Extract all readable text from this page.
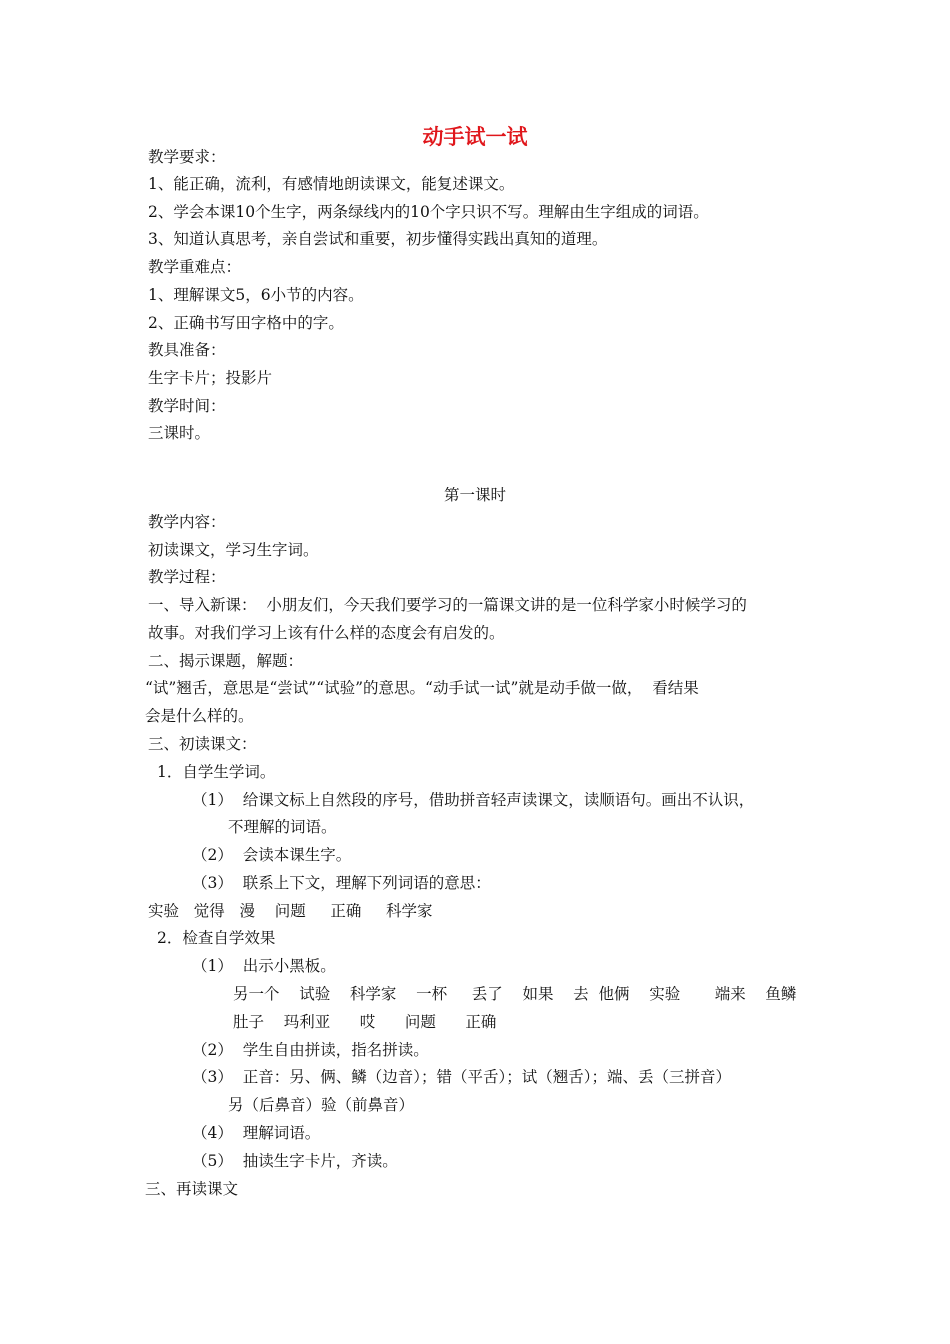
动手试一试
教学要求：
1、能正确，流利，有感情地朗读课文，能复述课文。
2、学会本课10个生字，两条绿线内的10个字只识不写。理解由生字组成的词语。
3、知道认真思考，亲自尝试和重要，初步懂得实践出真知的道理。
教学重难点：
1、理解课文5，6小节的内容。
2、正确书写田字格中的字。
教具准备：
生字卡片；投影片
教学时间：
三课时。
第一课时
教学内容：
初读课文，学习生字词。
教学过程：
一、导入新课：  小朋友们，今天我们要学习的一篇课文讲的是一位科学家小时候学习的
故事。对我们学习上该有什么样的态度会有启发的。
二、揭示课题，解题：
“试”翘舌，意思是“尝试”“试验”的意思。“动手试一试”就是动手做一做，  看结果
会是什么样的。
三、初读课文：
1．自学生学词。
（1）  给课文标上自然段的序号，借助拼音轻声读课文，读顺语句。画出不认识，
不理解的词语。
（2）  会读本课生字。
（3）  联系上下文，理解下列词语的意思：
实验   觉得   漫    问题     正确     科学家
2．检查自学效果
（1）  出示小黑板。
另一个    试验    科学家    一杯     丢了    如果    去  他俩    实验       端来    鱼鳞
肚子    玛利亚      哎      问题      正确
（2）  学生自由拼读，指名拼读。
（3）  正音：另、俩、鳞（边音）；错（平舌）；试（翘舌）；端、丢（三拼音）
另（后鼻音）验（前鼻音）
（4）  理解词语。
（5）  抽读生字卡片，齐读。
三、再读课文
